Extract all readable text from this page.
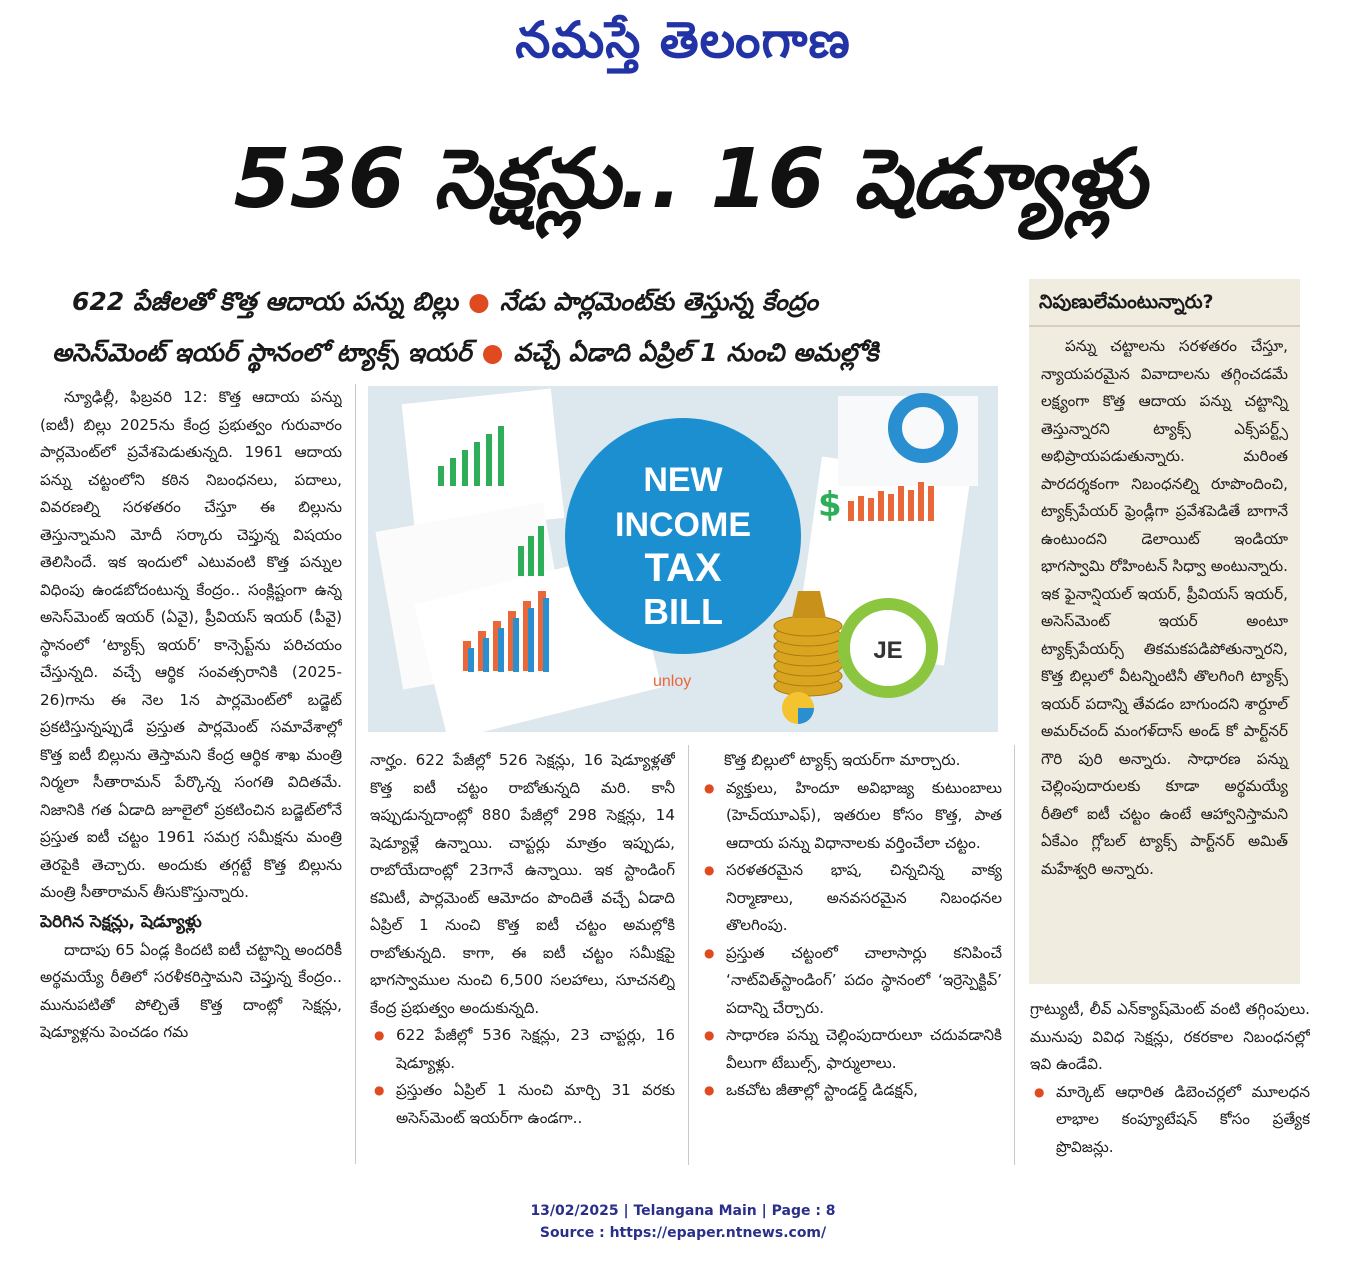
నమస్తే తెలంగాణ
536 సెక్షన్లు.. 16 షెడ్యూళ్లు
622 పేజీలతో కొత్త ఆదాయ పన్ను బిల్లు ● నేడు పార్లమెంట్‌కు తెస్తున్న కేంద్రం
అసెస్‌మెంట్ ఇయర్ స్థానంలో ట్యాక్స్ ఇయర్ ● వచ్చే ఏడాది ఏప్రిల్ 1 నుంచి అమల్లోకి

న్యూఢిల్లీ, ఫిబ్రవరి 12: కొత్త ఆదాయ పన్ను (ఐటీ) బిల్లు 2025ను కేంద్ర ప్రభుత్వం గురువారం పార్లమెంట్‌లో ప్రవేశపెడుతున్నది. 1961 ఆదాయ పన్ను చట్టంలోని కఠిన నిబంధనలు, పదాలు, వివరణల్ని సరళతరం చేస్తూ ఈ బిల్లును తెస్తున్నామని మోదీ సర్కారు చెప్తున్న విషయం తెలిసిందే. ఇక ఇందులో ఎటువంటి కొత్త పన్నుల విధింపు ఉండబోదంటున్న కేంద్రం.. సంక్లిష్టంగా ఉన్న అసెస్‌మెంట్ ఇయర్ (ఏవై), ప్రీవియస్ ఇయర్ (పీవై) స్థానంలో ‘ట్యాక్స్ ఇయర్’ కాన్సెప్ట్‌ను పరిచయం చేస్తున్నది. వచ్చే ఆర్థిక సంవత్సరానికి (2025-26)గాను ఈ నెల 1న పార్లమెంట్‌లో బడ్జెట్ ప్రకటిస్తున్నప్పుడే ప్రస్తుత పార్లమెంట్ సమావేశాల్లో కొత్త ఐటీ బిల్లును తెస్తామని కేంద్ర ఆర్థిక శాఖ మంత్రి నిర్మలా సీతారామన్ పేర్కొన్న సంగతి విదితమే. నిజానికి గత ఏడాది జూలైలో ప్రకటించిన బడ్జెట్‌లోనే ప్రస్తుత ఐటీ చట్టం 1961 సమగ్ర సమీక్షను మంత్రి తెరపైకి తెచ్చారు. అందుకు తగ్గట్టే కొత్త బిల్లును మంత్రి సీతారామన్ తీసుకొస్తున్నారు.

పెరిగిన సెక్షన్లు, షెడ్యూళ్లు

దాదాపు 65 ఏండ్ల కిందటి ఐటీ చట్టాన్ని అందరికీ అర్థమయ్యే రీతిలో సరళీకరిస్తామని చెప్తున్న కేంద్రం.. మునుపటితో పోల్చితే కొత్త దాంట్లో సెక్షన్లు, షెడ్యూళ్లను పెంచడం గమ

$
NEW
INCOME
TAX
BILL
JE
unloy

నార్హం. 622 పేజీల్లో 526 సెక్షన్లు, 16 షెడ్యూళ్లతో కొత్త ఐటీ చట్టం రాబోతున్నది మరి. కానీ ఇప్పుడున్నదాంట్లో 880 పేజీల్లో 298 సెక్షన్లు, 14 షెడ్యూళ్లే ఉన్నాయి. చాప్టర్లు మాత్రం ఇప్పుడు, రాబోయేదాంట్లో 23గానే ఉన్నాయి. ఇక స్టాండింగ్ కమిటీ, పార్లమెంట్ ఆమోదం పొందితే వచ్చే ఏడాది ఏప్రిల్ 1 నుంచి కొత్త ఐటీ చట్టం అమల్లోకి రాబోతున్నది. కాగా, ఈ ఐటీ చట్టం సమీక్షపై భాగస్వాముల నుంచి 6,500 సలహాలు, సూచనల్ని కేంద్ర ప్రభుత్వం అందుకున్నది.

● 622 పేజీల్లో 536 సెక్షన్లు, 23 చాప్టర్లు, 16 షెడ్యూళ్లు.
● ప్రస్తుతం ఏప్రిల్ 1 నుంచి మార్చి 31 వరకు అసెస్‌మెంట్ ఇయర్‌గా ఉండగా..

కొత్త బిల్లులో ట్యాక్స్ ఇయర్‌గా మార్చారు.

● వ్యక్తులు, హిందూ అవిభాజ్య కుటుంబాలు (హెచ్‌యూఎఫ్), ఇతరుల కోసం కొత్త, పాత ఆదాయ పన్ను విధానాలకు వర్తించేలా చట్టం.
● సరళతరమైన భాష, చిన్నచిన్న వాక్య నిర్మాణాలు, అనవసరమైన నిబంధనల తొలగింపు.
● ప్రస్తుత చట్టంలో చాలాసార్లు కనిపించే ‘నాట్‌విత్‌స్టాండింగ్’ పదం స్థానంలో ‘ఇర్రెస్పెక్టివ్’ పదాన్ని చేర్చారు.
● సాధారణ పన్ను చెల్లింపుదారులూ చదువడానికి వీలుగా టేబుల్స్, ఫార్ములాలు.
● ఒకచోట జీతాల్లో స్టాండర్డ్ డిడక్షన్,
నిపుణులేమంటున్నారు?

పన్ను చట్టాలను సరళతరం చేస్తూ, న్యాయపరమైన వివాదాలను తగ్గించడమే లక్ష్యంగా కొత్త ఆదాయ పన్ను చట్టాన్ని తెస్తున్నారని ట్యాక్స్ ఎక్స్‌పర్ట్స్ అభిప్రాయపడుతున్నారు. మరింత పారదర్శకంగా నిబంధనల్ని రూపొందించి, ట్యాక్స్‌పేయర్ ఫ్రెండ్లీగా ప్రవేశపెడితే బాగానే ఉంటుందని డెలాయిట్ ఇండియా భాగస్వామి రోహింటన్ సిధ్వా అంటున్నారు. ఇక ఫైనాన్షియల్ ఇయర్, ప్రీవియస్ ఇయర్, అసెస్‌మెంట్ ఇయర్ అంటూ ట్యాక్స్‌పేయర్స్ తికమకపడిపోతున్నారని, కొత్త బిల్లులో వీటన్నింటినీ తొలగింగి ట్యాక్స్ ఇయర్ పదాన్ని తేవడం బాగుందని శార్దూల్ అమర్‌చంద్ మంగళ్‌దాస్ అండ్ కో పార్ట్‌నర్ గౌరి పురి అన్నారు. సాధారణ పన్ను చెల్లింపుదారులకు కూడా అర్థమయ్యే రీతిలో ఐటీ చట్టం ఉంటే ఆహ్వానిస్తామని ఏకేఎం గ్లోబల్ ట్యాక్స్ పార్ట్‌నర్ అమిత్ మహేశ్వరి అన్నారు.

గ్రాట్యుటీ, లీవ్ ఎన్‌క్యాష్‌మెంట్ వంటి తగ్గింపులు. మునుపు వివిధ సెక్షన్లు, రకరకాల నిబంధనల్లో ఇవి ఉండేవి.

● మార్కెట్ ఆధారిత డిబెంచర్లలో మూలధన లాభాల కంప్యూటేషన్ కోసం ప్రత్యేక ప్రొవిజన్లు.
13/02/2025 | Telangana Main | Page : 8
Source : https://epaper.ntnews.com/
